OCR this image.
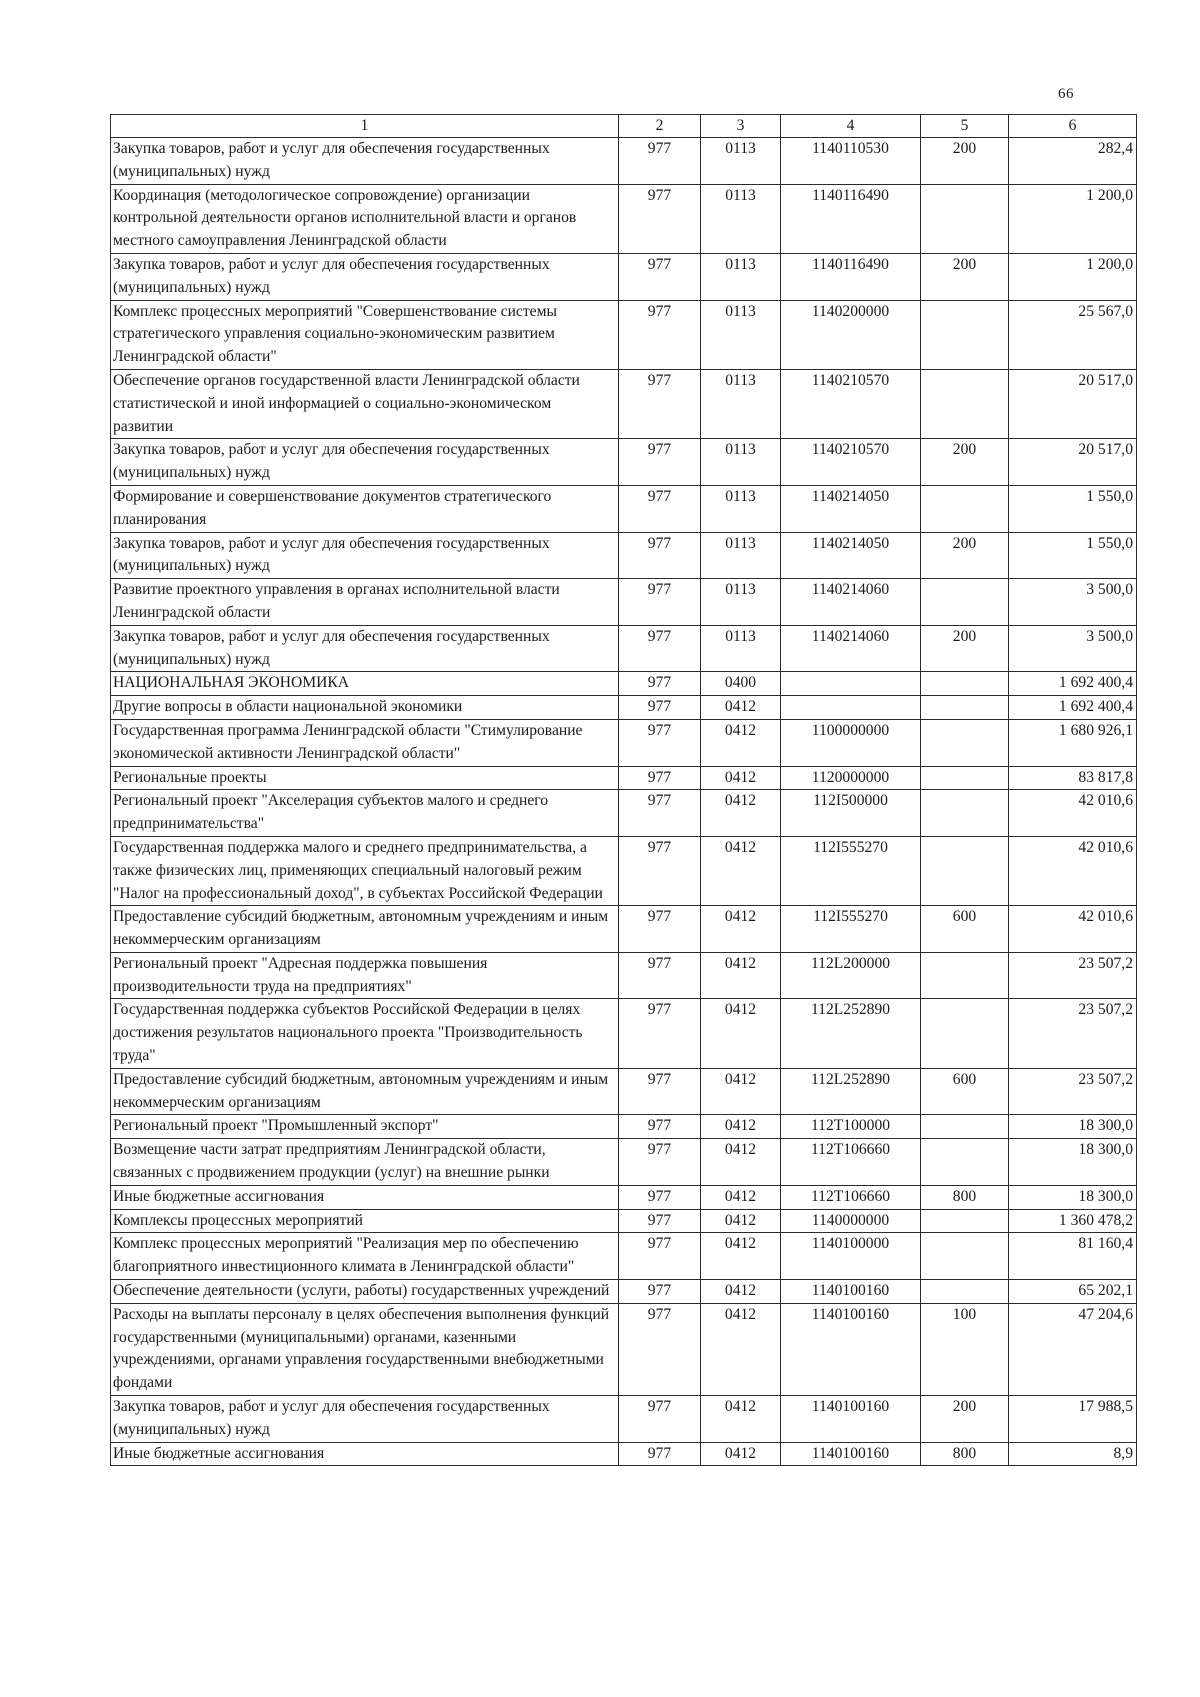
66
1	2	3	4	5	6
Закупка товаров, работ и услуг для обеспечения государственных (муниципальных) нужд	977	0113	1140110530	200	282,4
Координация (методологическое сопровождение) организации контрольной деятельности органов исполнительной власти и органов местного самоуправления Ленинградской области	977	0113	1140116490		1 200,0
Закупка товаров, работ и услуг для обеспечения государственных (муниципальных) нужд	977	0113	1140116490	200	1 200,0
Комплекс процессных мероприятий "Совершенствование системы стратегического управления социально-экономическим развитием Ленинградской области"	977	0113	1140200000		25 567,0
Обеспечение органов государственной власти Ленинградской области статистической и иной информацией о социально-экономическом развитии	977	0113	1140210570		20 517,0
Закупка товаров, работ и услуг для обеспечения государственных (муниципальных) нужд	977	0113	1140210570	200	20 517,0
Формирование и совершенствование документов стратегического планирования	977	0113	1140214050		1 550,0
Закупка товаров, работ и услуг для обеспечения государственных (муниципальных) нужд	977	0113	1140214050	200	1 550,0
Развитие проектного управления в органах исполнительной власти Ленинградской области	977	0113	1140214060		3 500,0
Закупка товаров, работ и услуг для обеспечения государственных (муниципальных) нужд	977	0113	1140214060	200	3 500,0
НАЦИОНАЛЬНАЯ ЭКОНОМИКА	977	0400			1 692 400,4
Другие вопросы в области национальной экономики	977	0412			1 692 400,4
Государственная программа Ленинградской области "Стимулирование экономической активности Ленинградской области"	977	0412	1100000000		1 680 926,1
Региональные проекты	977	0412	1120000000		83 817,8
Региональный проект "Акселерация субъектов малого и среднего предпринимательства"	977	0412	112I500000		42 010,6
Государственная поддержка малого и среднего предпринимательства, а также физических лиц, применяющих специальный налоговый режим "Налог на профессиональный доход", в субъектах Российской Федерации	977	0412	112I555270		42 010,6
Предоставление субсидий бюджетным, автономным учреждениям и иным некоммерческим организациям	977	0412	112I555270	600	42 010,6
Региональный проект "Адресная поддержка повышения производительности труда на предприятиях"	977	0412	112L200000		23 507,2
Государственная поддержка субъектов Российской Федерации в целях достижения результатов национального проекта "Производительность труда"	977	0412	112L252890		23 507,2
Предоставление субсидий бюджетным, автономным учреждениям и иным некоммерческим организациям	977	0412	112L252890	600	23 507,2
Региональный проект "Промышленный экспорт"	977	0412	112T100000		18 300,0
Возмещение части затрат предприятиям Ленинградской области, связанных с продвижением продукции (услуг) на внешние рынки	977	0412	112T106660		18 300,0
Иные бюджетные ассигнования	977	0412	112T106660	800	18 300,0
Комплексы процессных мероприятий	977	0412	1140000000		1 360 478,2
Комплекс процессных мероприятий "Реализация мер по обеспечению благоприятного инвестиционного климата в Ленинградской области"	977	0412	1140100000		81 160,4
Обеспечение деятельности (услуги, работы) государственных учреждений	977	0412	1140100160		65 202,1
Расходы на выплаты персоналу в целях обеспечения выполнения функций государственными (муниципальными) органами, казенными учреждениями, органами управления государственными внебюджетными фондами	977	0412	1140100160	100	47 204,6
Закупка товаров, работ и услуг для обеспечения государственных (муниципальных) нужд	977	0412	1140100160	200	17 988,5
Иные бюджетные ассигнования	977	0412	1140100160	800	8,9
